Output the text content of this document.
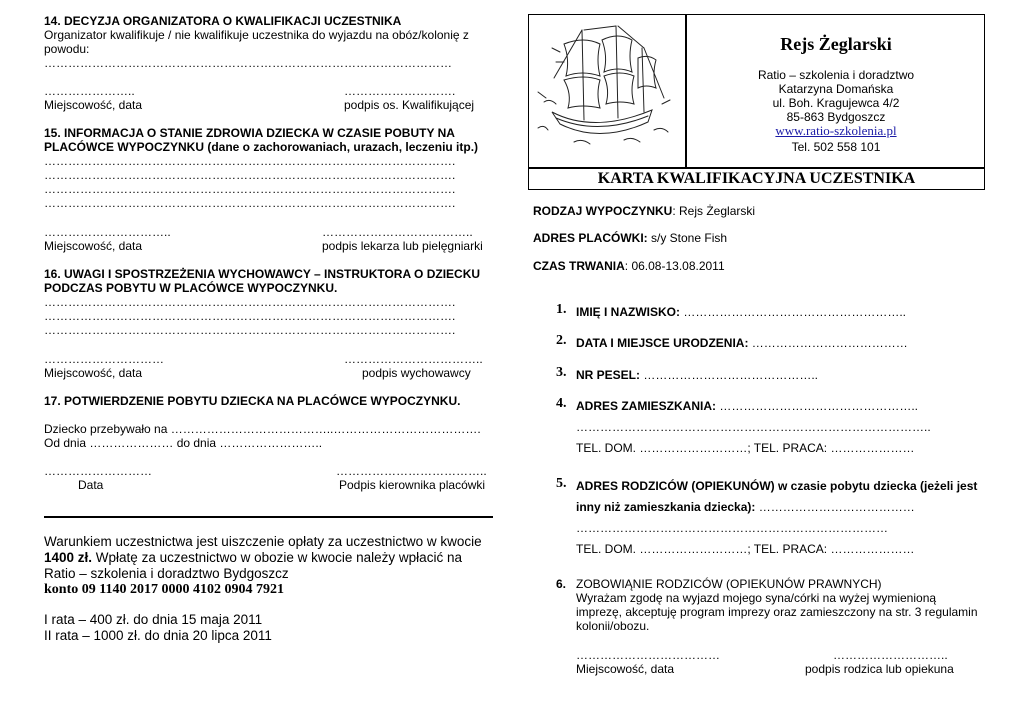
14. DECYZJA ORGANIZATORA O KWALIFIKACJI UCZESTNIKA
Organizator kwalifikuje / nie kwalifikuje uczestnika do wyjazdu na obóz/kolonię z
powodu:
…………………………………………………………………………………………
…………………..	……………………….
Miejscowość, data	podpis os. Kwalifikującej
15. INFORMACJA O STANIE ZDROWIA DZIECKA W CZASIE POBUTY NA
PLACÓWCE WYPOCZYNKU (dane o zachorowaniach, urazach, leczeniu itp.)
………………………………………………………………………………………….
………………………………………………………………………………………….
………………………………………………………………………………………….
………………………………………………………………………………………….
…………………………..	………………………………..
Miejscowość, data	podpis lekarza lub pielęgniarki
16. UWAGI I SPOSTRZEŻENIA WYCHOWAWCY – INSTRUKTORA O DZIECKU
PODCZAS POBYTU W PLACÓWCE WYPOCZYNKU.
………………………………………………………………………………………….
………………………………………………………………………………………….
………………………………………………………………………………………….
…………………………	……………………………..
Miejscowość, data	podpis wychowawcy
17. POTWIERDZENIE POBYTU DZIECKA NA PLACÓWCE WYPOCZYNKU.
Dziecko przebywało na …………………………………..……………………………….
Od dnia ………………… do dnia ……………………..
………………………	………………………………..
Data	Podpis kierownika placówki
Warunkiem uczestnictwa jest uiszczenie opłaty za uczestnictwo w kwocie
1400 zł. Wpłatę za uczestnictwo w obozie w kwocie należy wpłacić na
Ratio – szkolenia i doradztwo Bydgoszcz
konto 09 1140 2017 0000 4102 0904 7921
I rata – 400 zł. do dnia 15 maja 2011
II rata – 1000 zł. do dnia 20 lipca 2011
Rejs Żeglarski
Ratio – szkolenia i doradztwo
Katarzyna Domańska
ul. Boh. Kragujewca 4/2
85-863 Bydgoszcz
www.ratio-szkolenia.pl
Tel. 502 558 101
KARTA KWALIFIKACYJNA UCZESTNIKA
RODZAJ WYPOCZYNKU: Rejs Żeglarski
ADRES PLACÓWKI: s/y Stone Fish
CZAS TRWANIA: 06.08-13.08.2011
1. IMIĘ I NAZWISKO: ………………………………………………..
2. DATA I MIEJSCE URODZENIA: …………………………………
3. NR PESEL: ……………………………………..
4. ADRES ZAMIESZKANIA: …………………………………………..
……………………………………………………………………………..
TEL. DOM. ………………………; TEL. PRACA: …………………
5. ADRES RODZICÓW (OPIEKUNÓW) w czasie pobytu dziecka (jeżeli jest
inny niż zamieszkania dziecka): …………………………………
……………………………………………………………………
TEL. DOM. ………………………; TEL. PRACA: …………………
6. ZOBOWIĄNIE RODZICÓW (OPIEKUNÓW PRAWNYCH)
Wyrażam zgodę na wyjazd mojego syna/córki na wyżej wymienioną
imprezę, akceptuję program imprezy oraz zamieszczony na str. 3 regulamin
kolonii/obozu.
………………………………	………………………..
Miejscowość, data	podpis rodzica lub opiekuna
